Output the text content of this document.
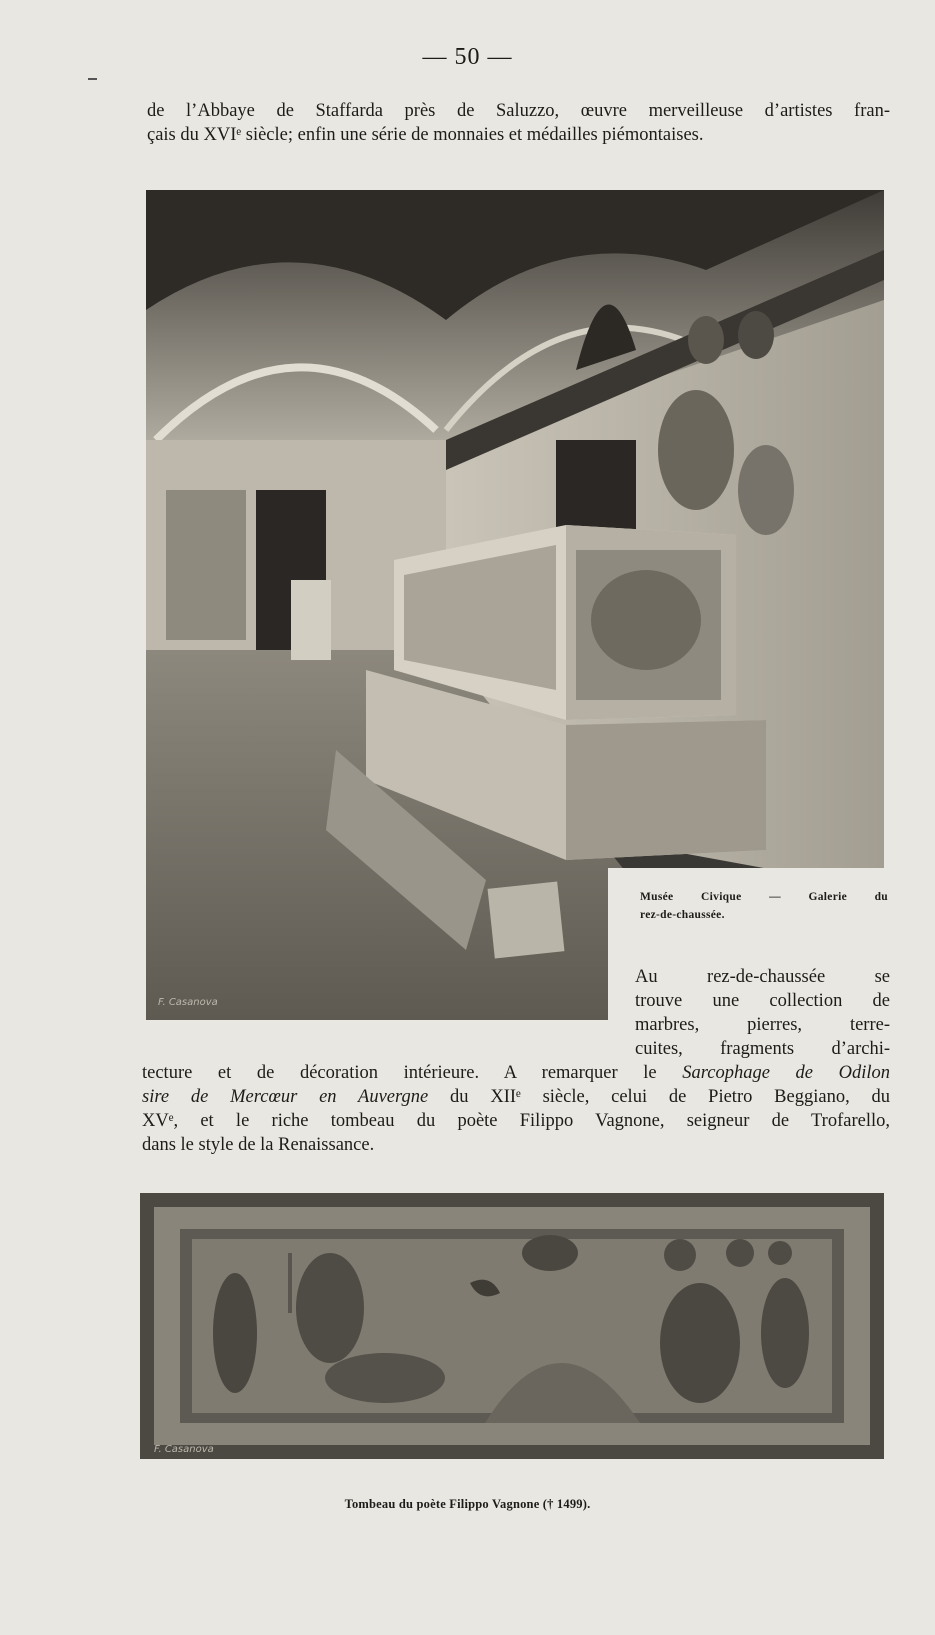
— 50 —

de l’Abbaye de Staffarda près de Saluzzo, œuvre merveilleuse d’artistes fran-
çais du XVIᵉ siècle; enfin une série de monnaies et médailles piémontaises.

F. Casanova
Musée Civique — Galerie du
rez-de-chaussée.

Au rez-de-chaussée se
trouve une collection de
marbres, pierres, terre-
cuites, fragments d’archi-
tecture et de décoration intérieure. A remarquer le Sarcophage de Odilon
sire de Mercœur en Auvergne du XIIᵉ siècle, celui de Pietro Beggiano, du
XVᵉ, et le riche tombeau du poète Filippo Vagnone, seigneur de Trofarello,
dans le style de la Renaissance.

F. Casanova
Tombeau du poète Filippo Vagnone († 1499).
